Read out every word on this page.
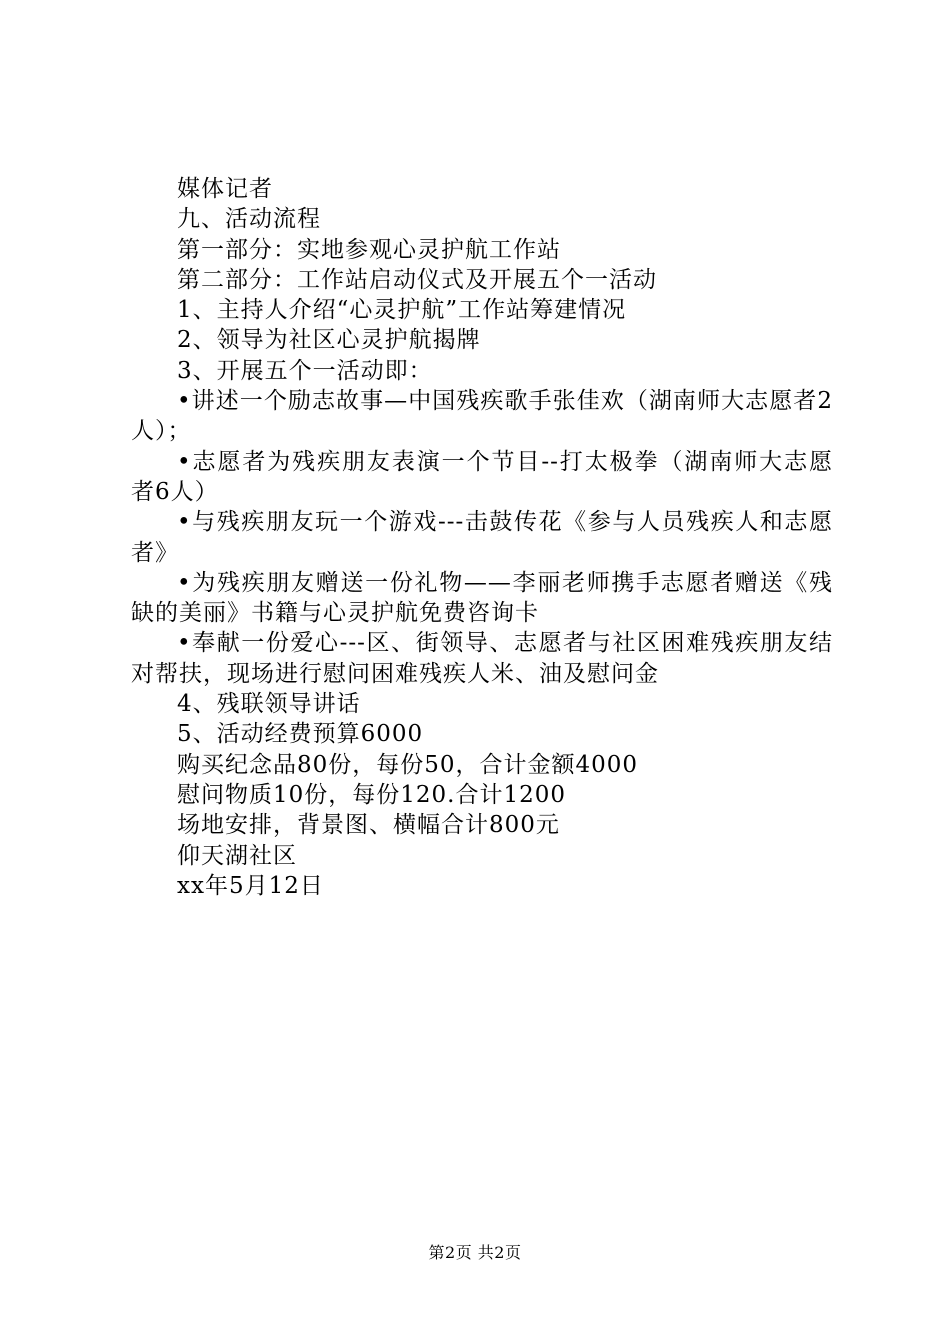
媒体记者
九、活动流程
第一部分：实地参观心灵护航工作站
第二部分：工作站启动仪式及开展五个一活动
1、主持人介绍“心灵护航”工作站筹建情况
2、领导为社区心灵护航揭牌
3、开展五个一活动即：

•讲述一个励志故事—中国残疾歌手张佳欢（湖南师大志愿者2人）；

•志愿者为残疾朋友表演一个节目--打太极拳（湖南师大志愿者6人）

•与残疾朋友玩一个游戏---击鼓传花《参与人员残疾人和志愿者》

•为残疾朋友赠送一份礼物——李丽老师携手志愿者赠送《残缺的美丽》书籍与心灵护航免费咨询卡

•奉献一份爱心---区、街领导、志愿者与社区困难残疾朋友结对帮扶，现场进行慰问困难残疾人米、油及慰问金

4、残联领导讲话
5、活动经费预算6000
购买纪念品80份，每份50，合计金额4000
慰问物质10份，每份120.合计1200
场地安排，背景图、横幅合计800元
仰天湖社区
xx年5月12日
第2页 共2页
